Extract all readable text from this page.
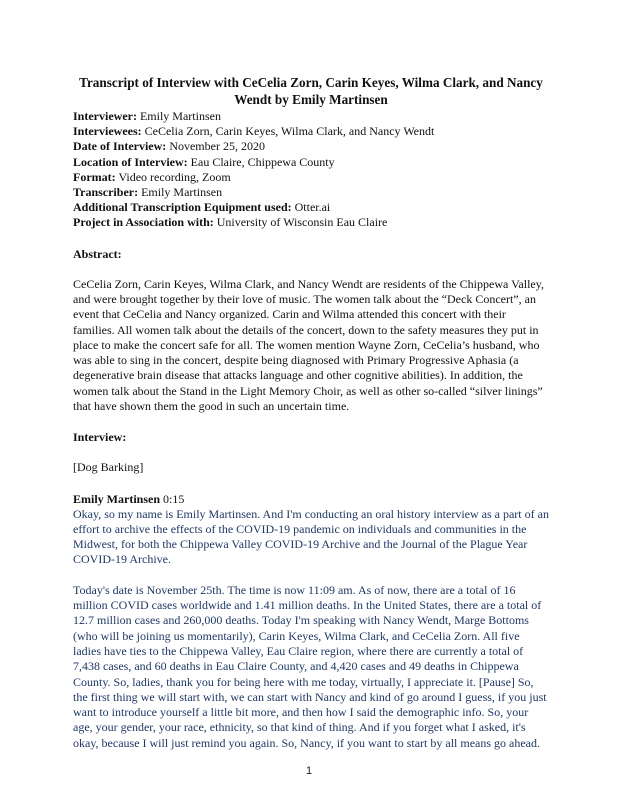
Transcript of Interview with CeCelia Zorn, Carin Keyes, Wilma Clark, and Nancy Wendt by Emily Martinsen
Interviewer: Emily Martinsen
Interviewees: CeCelia Zorn, Carin Keyes, Wilma Clark, and Nancy Wendt
Date of Interview: November 25, 2020
Location of Interview: Eau Claire, Chippewa County
Format: Video recording, Zoom
Transcriber: Emily Martinsen
Additional Transcription Equipment used: Otter.ai
Project in Association with: University of Wisconsin Eau Claire
Abstract:
CeCelia Zorn, Carin Keyes, Wilma Clark, and Nancy Wendt are residents of the Chippewa Valley, and were brought together by their love of music. The women talk about the “Deck Concert”, an event that CeCelia and Nancy organized. Carin and Wilma attended this concert with their families. All women talk about the details of the concert, down to the safety measures they put in place to make the concert safe for all. The women mention Wayne Zorn, CeCelia’s husband, who was able to sing in the concert, despite being diagnosed with Primary Progressive Aphasia (a degenerative brain disease that attacks language and other cognitive abilities). In addition, the women talk about the Stand in the Light Memory Choir, as well as other so-called “silver linings” that have shown them the good in such an uncertain time.
Interview:
[Dog Barking]
Emily Martinsen 0:15
Okay, so my name is Emily Martinsen. And I'm conducting an oral history interview as a part of an effort to archive the effects of the COVID-19 pandemic on individuals and communities in the Midwest, for both the Chippewa Valley COVID-19 Archive and the Journal of the Plague Year COVID-19 Archive.
Today's date is November 25th. The time is now 11:09 am. As of now, there are a total of 16 million COVID cases worldwide and 1.41 million deaths. In the United States, there are a total of 12.7 million cases and 260,000 deaths. Today I'm speaking with Nancy Wendt, Marge Bottoms (who will be joining us momentarily), Carin Keyes, Wilma Clark, and CeCelia Zorn. All five ladies have ties to the Chippewa Valley, Eau Claire region, where there are currently a total of 7,438 cases, and 60 deaths in Eau Claire County, and 4,420 cases and 49 deaths in Chippewa County. So, ladies, thank you for being here with me today, virtually, I appreciate it. [Pause] So, the first thing we will start with, we can start with Nancy and kind of go around I guess, if you just want to introduce yourself a little bit more, and then how I said the demographic info. So, your age, your gender, your race, ethnicity, so that kind of thing. And if you forget what I asked, it's okay, because I will just remind you again. So, Nancy, if you want to start by all means go ahead.
1
